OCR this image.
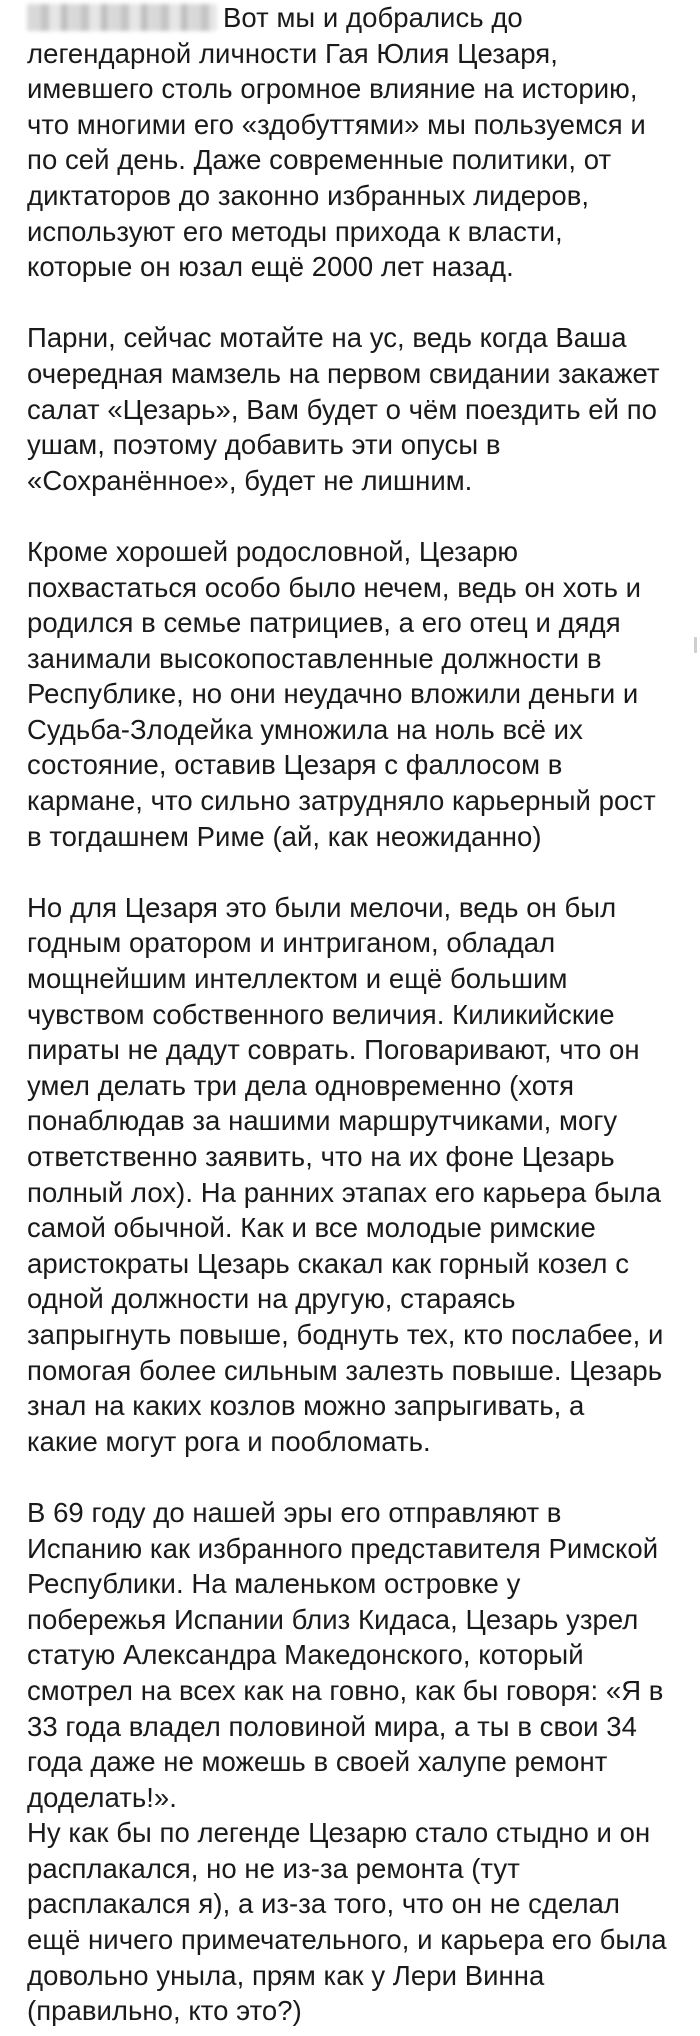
Вот мы и добрались до
легендарной личности Гая Юлия Цезаря,
имевшего столь огромное влияние на историю,
что многими его «здобуттями» мы пользуемся и
по сей день. Даже современные политики, от
диктаторов до законно избранных лидеров,
используют его методы прихода к власти,
которые он юзал ещё 2000 лет назад.
Парни, сейчас мотайте на ус, ведь когда Ваша
очередная мамзель на первом свидании закажет
салат «Цезарь», Вам будет о чём поездить ей по
ушам, поэтому добавить эти опусы в
«Сохранённое», будет не лишним.
Кроме хорошей родословной, Цезарю
похвастаться особо было нечем, ведь он хоть и
родился в семье патрициев, а его отец и дядя
занимали высокопоставленные должности в
Республике, но они неудачно вложили деньги и
Судьба-Злодейка умножила на ноль всё их
состояние, оставив Цезаря с фаллосом в
кармане, что сильно затрудняло карьерный рост
в тогдашнем Риме (ай, как неожиданно)
Но для Цезаря это были мелочи, ведь он был
годным оратором и интриганом, обладал
мощнейшим интеллектом и ещё большим
чувством собственного величия. Киликийские
пираты не дадут соврать. Поговаривают, что он
умел делать три дела одновременно (хотя
понаблюдав за нашими маршрутчиками, могу
ответственно заявить, что на их фоне Цезарь
полный лох). На ранних этапах его карьера была
самой обычной. Как и все молодые римские
аристократы Цезарь скакал как горный козел с
одной должности на другую, стараясь
запрыгнуть повыше, боднуть тех, кто послабее, и
помогая более сильным залезть повыше. Цезарь
знал на каких козлов можно запрыгивать, а
какие могут рога и пообломать.
В 69 году до нашей эры его отправляют в
Испанию как избранного представителя Римской
Республики. На маленьком островке у
побережья Испании близ Кидаса, Цезарь узрел
статую Александра Македонского, который
смотрел на всех как на говно, как бы говоря: «Я в
33 года владел половиной мира, а ты в свои 34
года даже не можешь в своей халупе ремонт
доделать!».
Ну как бы по легенде Цезарю стало стыдно и он
расплакался, но не из-за ремонта (тут
расплакался я), а из-за того, что он не сделал
ещё ничего примечательного, и карьера его была
довольно унылa, прям как у Лери Винна
(правильно, кто это?)
